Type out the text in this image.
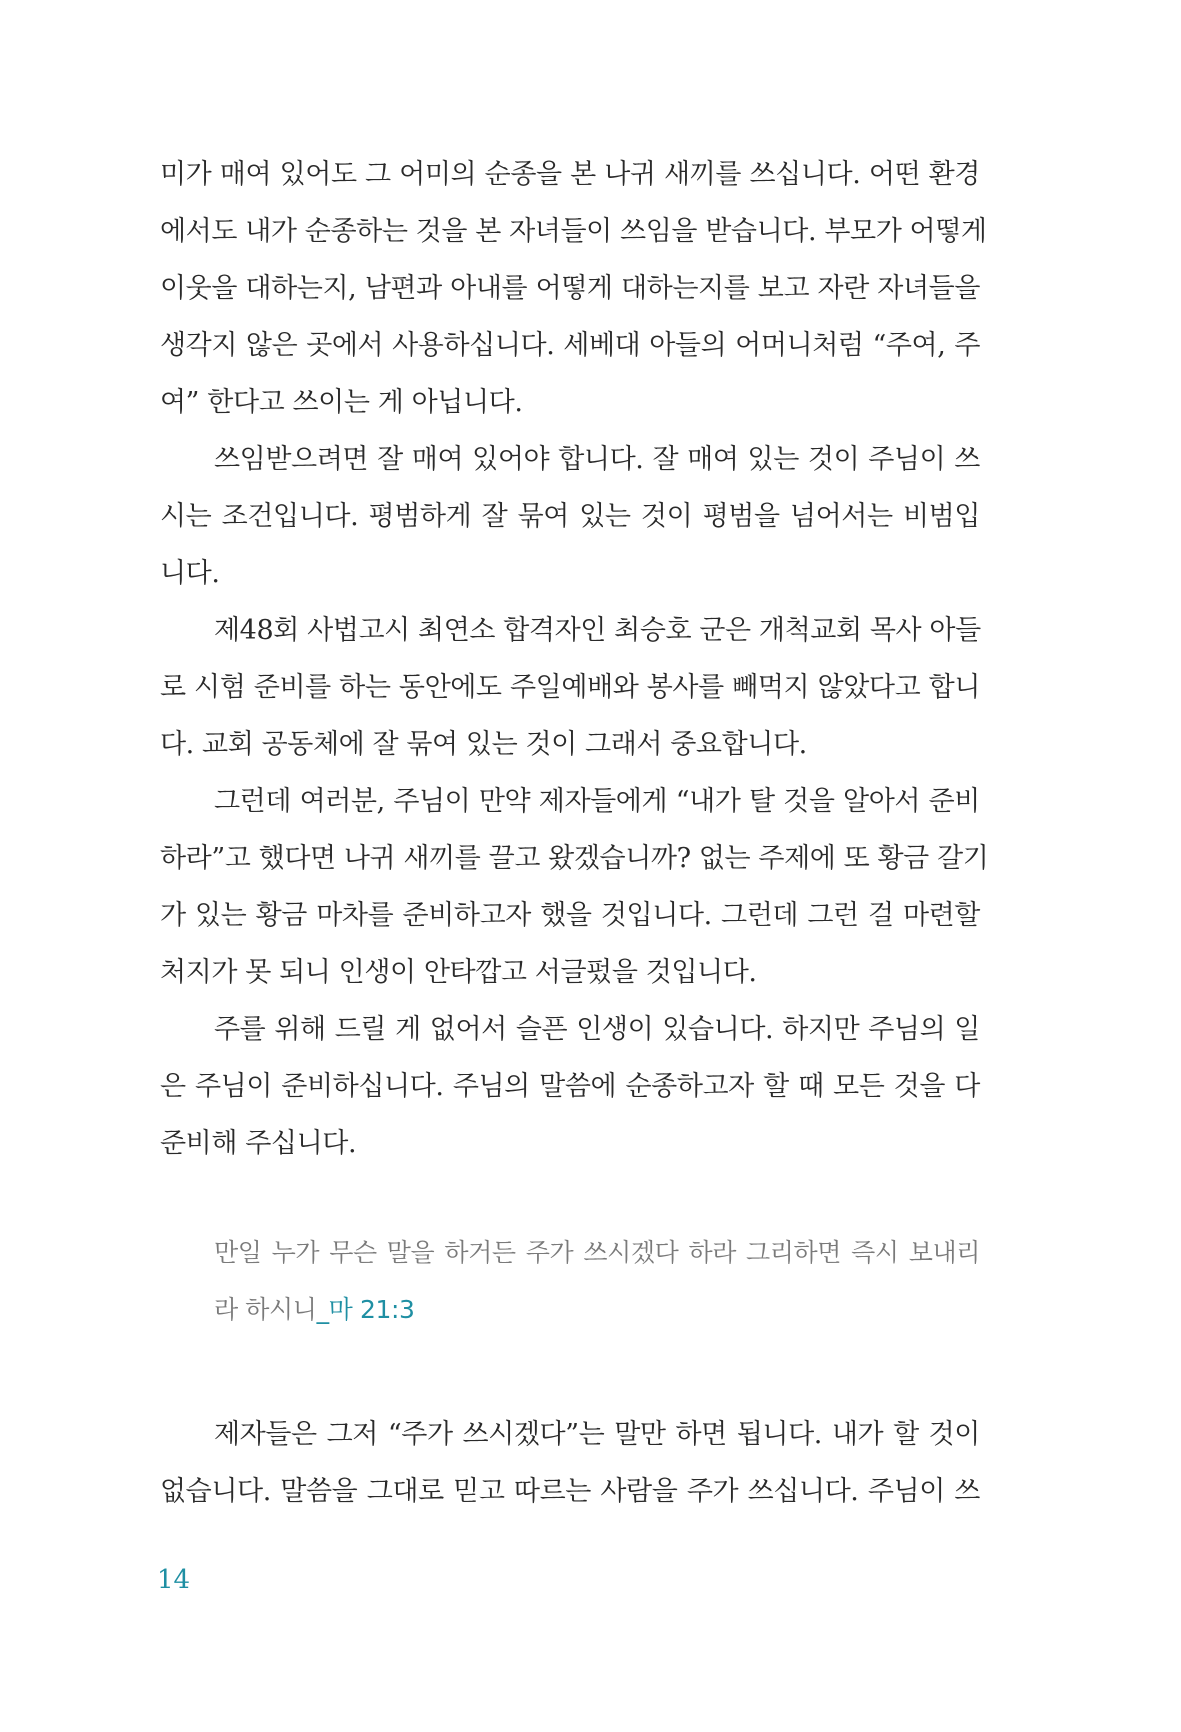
미가 매여 있어도 그 어미의 순종을 본 나귀 새끼를 쓰십니다. 어떤 환경
에서도 내가 순종하는 것을 본 자녀들이 쓰임을 받습니다. 부모가 어떻게
이웃을 대하는지, 남편과 아내를 어떻게 대하는지를 보고 자란 자녀들을
생각지 않은 곳에서 사용하십니다. 세베대 아들의 어머니처럼 “주여, 주
여” 한다고 쓰이는 게 아닙니다.
쓰임받으려면 잘 매여 있어야 합니다. 잘 매여 있는 것이 주님이 쓰
시는 조건입니다. 평범하게 잘 묶여 있는 것이 평범을 넘어서는 비범입
니다.
제48회 사법고시 최연소 합격자인 최승호 군은 개척교회 목사 아들
로 시험 준비를 하는 동안에도 주일예배와 봉사를 빼먹지 않았다고 합니
다. 교회 공동체에 잘 묶여 있는 것이 그래서 중요합니다.
그런데 여러분, 주님이 만약 제자들에게 “내가 탈 것을 알아서 준비
하라”고 했다면 나귀 새끼를 끌고 왔겠습니까? 없는 주제에 또 황금 갈기
가 있는 황금 마차를 준비하고자 했을 것입니다. 그런데 그런 걸 마련할
처지가 못 되니 인생이 안타깝고 서글펐을 것입니다.
주를 위해 드릴 게 없어서 슬픈 인생이 있습니다. 하지만 주님의 일
은 주님이 준비하십니다. 주님의 말씀에 순종하고자 할 때 모든 것을 다
준비해 주십니다.
만일 누가 무슨 말을 하거든 주가 쓰시겠다 하라 그리하면 즉시 보내리
라 하시니_마 21:3
제자들은 그저 “주가 쓰시겠다”는 말만 하면 됩니다. 내가 할 것이
없습니다. 말씀을 그대로 믿고 따르는 사람을 주가 쓰십니다. 주님이 쓰
14
